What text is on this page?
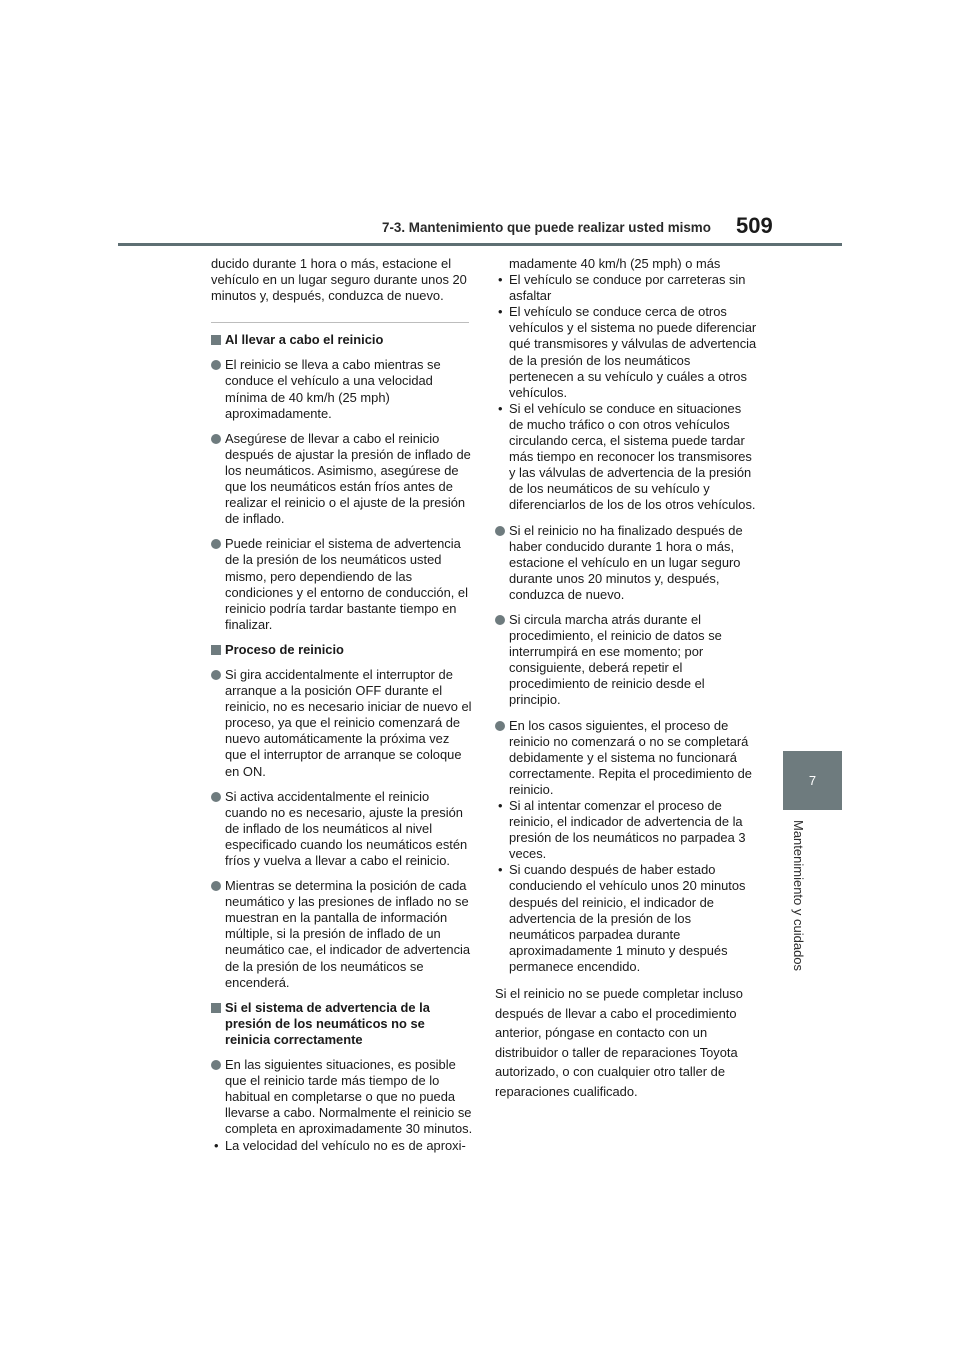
7-3. Mantenimiento que puede realizar usted mismo 509
7
Mantenimiento y cuidados

ducido durante 1 hora o más, estacione el vehículo en un lugar seguro durante unos 20 minutos y, después, conduzca de nuevo.

Al llevar a cabo el reinicio
El reinicio se lleva a cabo mientras se conduce el vehículo a una velocidad mínima de 40 km/h (25 mph) aproximadamente.
Asegúrese de llevar a cabo el reinicio después de ajustar la presión de inflado de los neumáticos. Asimismo, asegúrese de que los neumáticos están fríos antes de realizar el reinicio o el ajuste de la presión de inflado.
Puede reiniciar el sistema de advertencia de la presión de los neumáticos usted mismo, pero dependiendo de las condiciones y el entorno de conducción, el reinicio podría tardar bastante tiempo en finalizar.
Proceso de reinicio
Si gira accidentalmente el interruptor de arranque a la posición OFF durante el reinicio, no es necesario iniciar de nuevo el proceso, ya que el reinicio comenzará de nuevo automáticamente la próxima vez que el interruptor de arranque se coloque en ON.
Si activa accidentalmente el reinicio cuando no es necesario, ajuste la presión de inflado de los neumáticos al nivel especificado cuando los neumáticos estén fríos y vuelva a llevar a cabo el reinicio.
Mientras se determina la posición de cada neumático y las presiones de inflado no se muestran en la pantalla de información múltiple, si la presión de inflado de un neumático cae, el indicador de advertencia de la presión de los neumáticos se encenderá.
Si el sistema de advertencia de la presión de los neumáticos no se reinicia correctamente
En las siguientes situaciones, es posible que el reinicio tarde más tiempo de lo habitual en completarse o que no pueda llevarse a cabo. Normalmente el reinicio se completa en aproximadamente 30 minutos.

• La velocidad del vehículo no es de aproxi-

madamente 40 km/h (25 mph) o más

• El vehículo se conduce por carreteras sin asfaltar

• El vehículo se conduce cerca de otros vehículos y el sistema no puede diferenciar qué transmisores y válvulas de advertencia de la presión de los neumáticos pertenecen a su vehículo y cuáles a otros vehículos.

• Si el vehículo se conduce en situaciones de mucho tráfico o con otros vehículos circulando cerca, el sistema puede tardar más tiempo en reconocer los transmisores y las válvulas de advertencia de la presión de los neumáticos de su vehículo y diferenciarlos de los de los otros vehículos.

Si el reinicio no ha finalizado después de haber conducido durante 1 hora o más, estacione el vehículo en un lugar seguro durante unos 20 minutos y, después, conduzca de nuevo.
Si circula marcha atrás durante el procedimiento, el reinicio de datos se interrumpirá en ese momento; por consiguiente, deberá repetir el procedimiento de reinicio desde el principio.
En los casos siguientes, el proceso de reinicio no comenzará o no se completará debidamente y el sistema no funcionará correctamente. Repita el procedimiento de reinicio.

• Si al intentar comenzar el proceso de reinicio, el indicador de advertencia de la presión de los neumáticos no parpadea 3 veces.

• Si cuando después de haber estado conduciendo el vehículo unos 20 minutos después del reinicio, el indicador de advertencia de la presión de los neumáticos parpadea durante aproximadamente 1 minuto y después permanece encendido.

Si el reinicio no se puede completar incluso después de llevar a cabo el procedimiento anterior, póngase en contacto con un distribuidor o taller de reparaciones Toyota autorizado, o con cualquier otro taller de reparaciones cualificado.
